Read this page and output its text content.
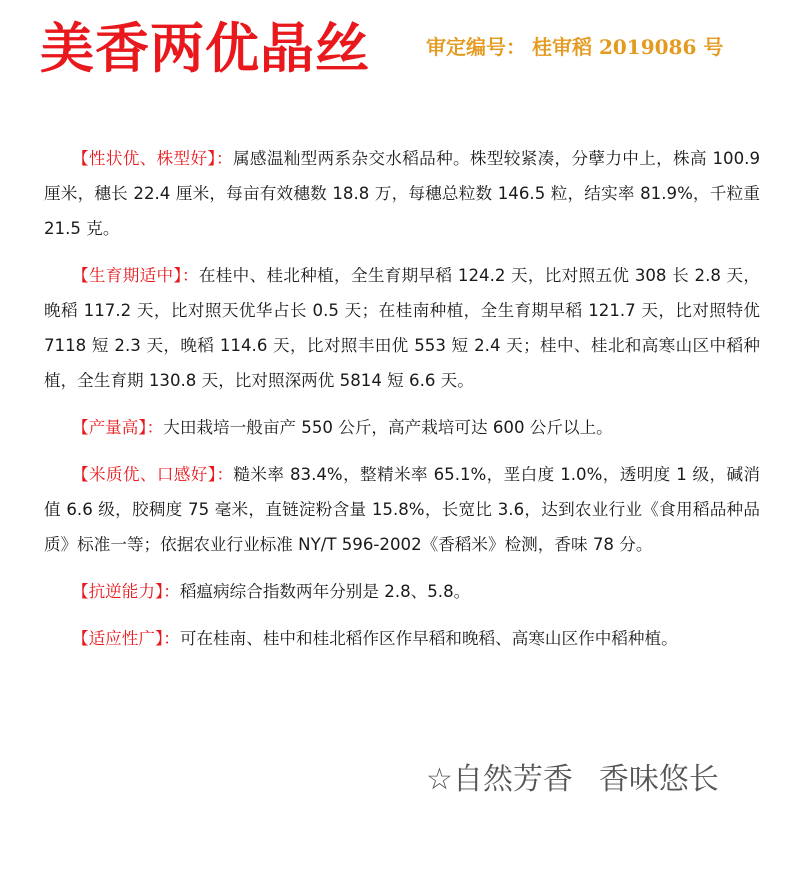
美香两优晶丝	审定编号： 桂审稻 2019086 号

【性状优、株型好】：属感温籼型两系杂交水稻品种。株型较紧凑，分孽力中上，株高 100.9 厘米，穗长 22.4 厘米，每亩有效穗数 18.8 万，每穗总粒数 146.5 粒，结实率 81.9%，千粒重 21.5 克。

【生育期适中】：在桂中、桂北种植，全生育期早稻 124.2 天，比对照五优 308 长 2.8 天，晚稻 117.2 天，比对照天优华占长 0.5 天；在桂南种植，全生育期早稻 121.7 天，比对照特优 7118 短 2.3 天，晚稻 114.6 天，比对照丰田优 553 短 2.4 天；桂中、桂北和高寒山区中稻种植，全生育期 130.8 天，比对照深两优 5814 短 6.6 天。

【产量高】：大田栽培一般亩产 550 公斤，高产栽培可达 600 公斤以上。

【米质优、口感好】：糙米率 83.4%，整精米率 65.1%，垩白度 1.0%，透明度 1 级，碱消值 6.6 级，胶稠度 75 毫米，直链淀粉含量 15.8%，长宽比 3.6，达到农业行业《食用稻品种品质》标准一等；依据农业行业标准 NY/T 596-2002《香稻米》检测，香味 78 分。

【抗逆能力】：稻瘟病综合指数两年分别是 2.8、5.8。

【适应性广】：可在桂南、桂中和桂北稻作区作早稻和晚稻、高寒山区作中稻种植。

☆自然芳香 香味悠长
